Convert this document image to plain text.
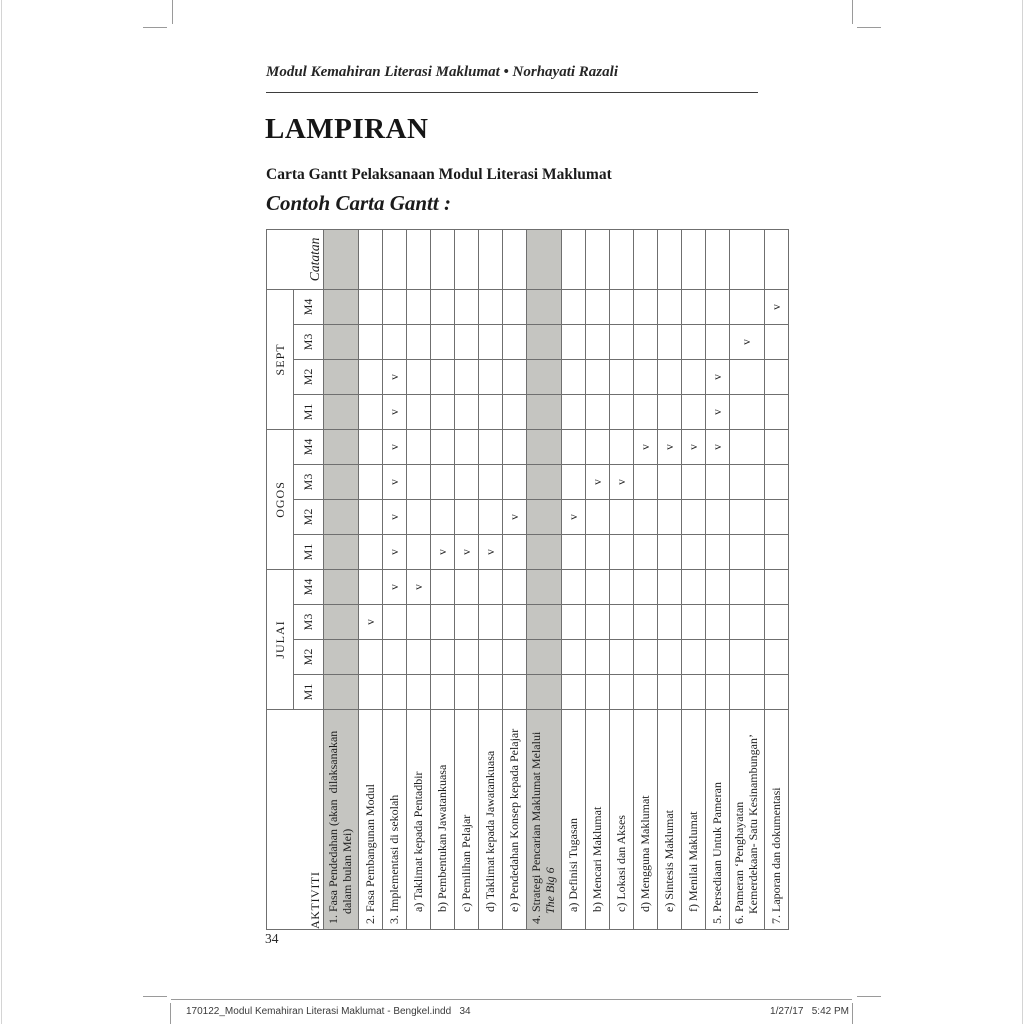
Modul Kemahiran Literasi Maklumat • Norhayati Razali
LAMPIRAN
Carta Gantt Pelaksanaan Modul Literasi Maklumat
Contoh Carta Gantt :
AKTIVITI	JULAI				OGOS				SEPT				Catatan
	M1	M2	M3	M4	M1	M2	M3	M4	M1	M2	M3	M4	

1. Fasa Pendedahan (akan  dilaksanakan dalam bulan Mei)													

2. Fasa Pembangunan Modul			v										

3. Implementasi di sekolah				v	v	v	v	v	v	v			

a) Taklimat kepada Pentadbir				v									

b) Pembentukan Jawatankuasa					v								

c) Pemilihan Pelajar					v								

d) Taklimat kepada Jawatankuasa					v								

e) Pendedahan Konsep kepada Pelajar						v							

4. Strategi Pencarian Maklumat Melalui The Big 6													

a) Definisi Tugasan						v							

b) Mencari Maklumat							v						

c) Lokasi dan Akses							v						

d) Mengguna Maklumat								v					

e) Sintesis Maklumat								v					

f) Menilai Maklumat								v					

5. Persediaan Untuk Pameran								v	v	v			

6. Pameran ‘Penghayatan Kemerdekaan- Satu Kesinambungan’											v		

7. Laporan dan dokumentasi												v	
34
170122_Modul Kemahiran Literasi Maklumat - Bengkel.indd   34	1/27/17   5:42 PM
